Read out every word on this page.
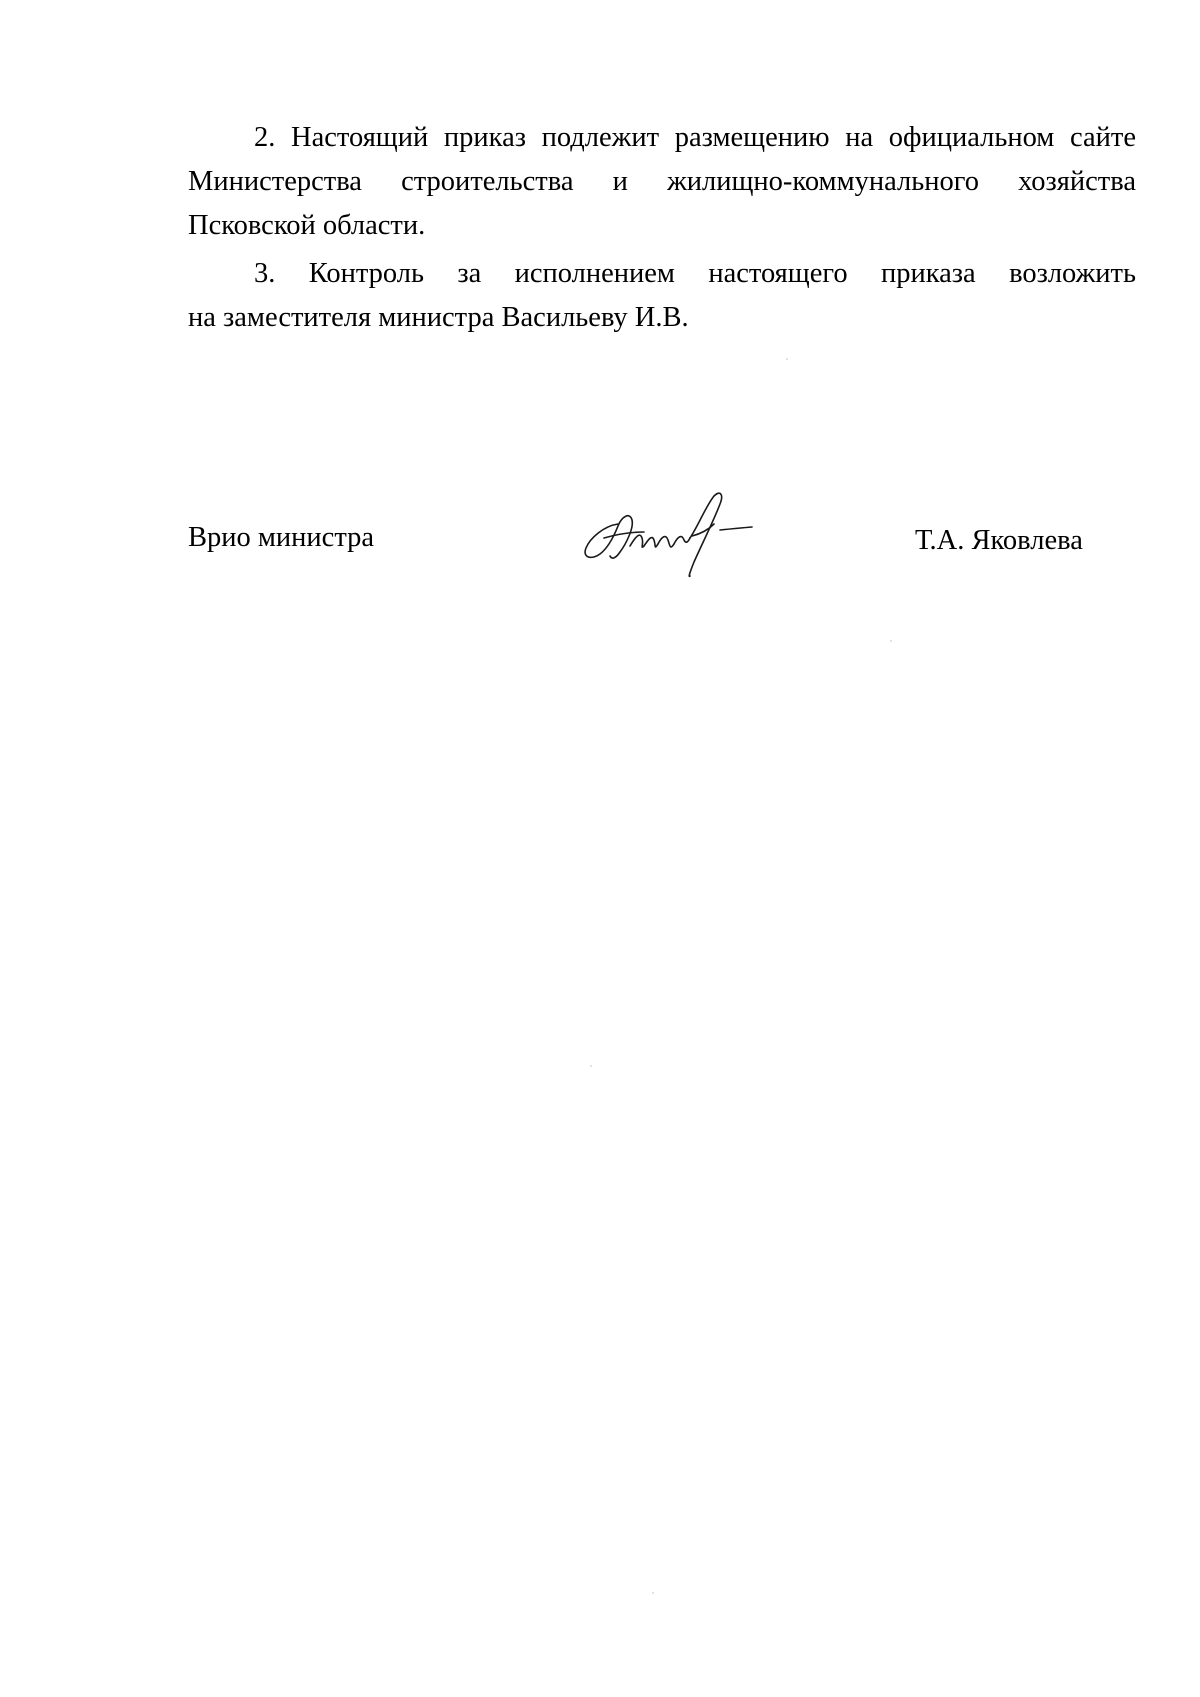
2. Настоящий приказ подлежит размещению на официальном сайте
Министерства строительства и жилищно-коммунального хозяйства
Псковской области.
3. Контроль за исполнением настоящего приказа возложить
на заместителя министра Васильеву И.В.
Врио министра	Т.А. Яковлева
